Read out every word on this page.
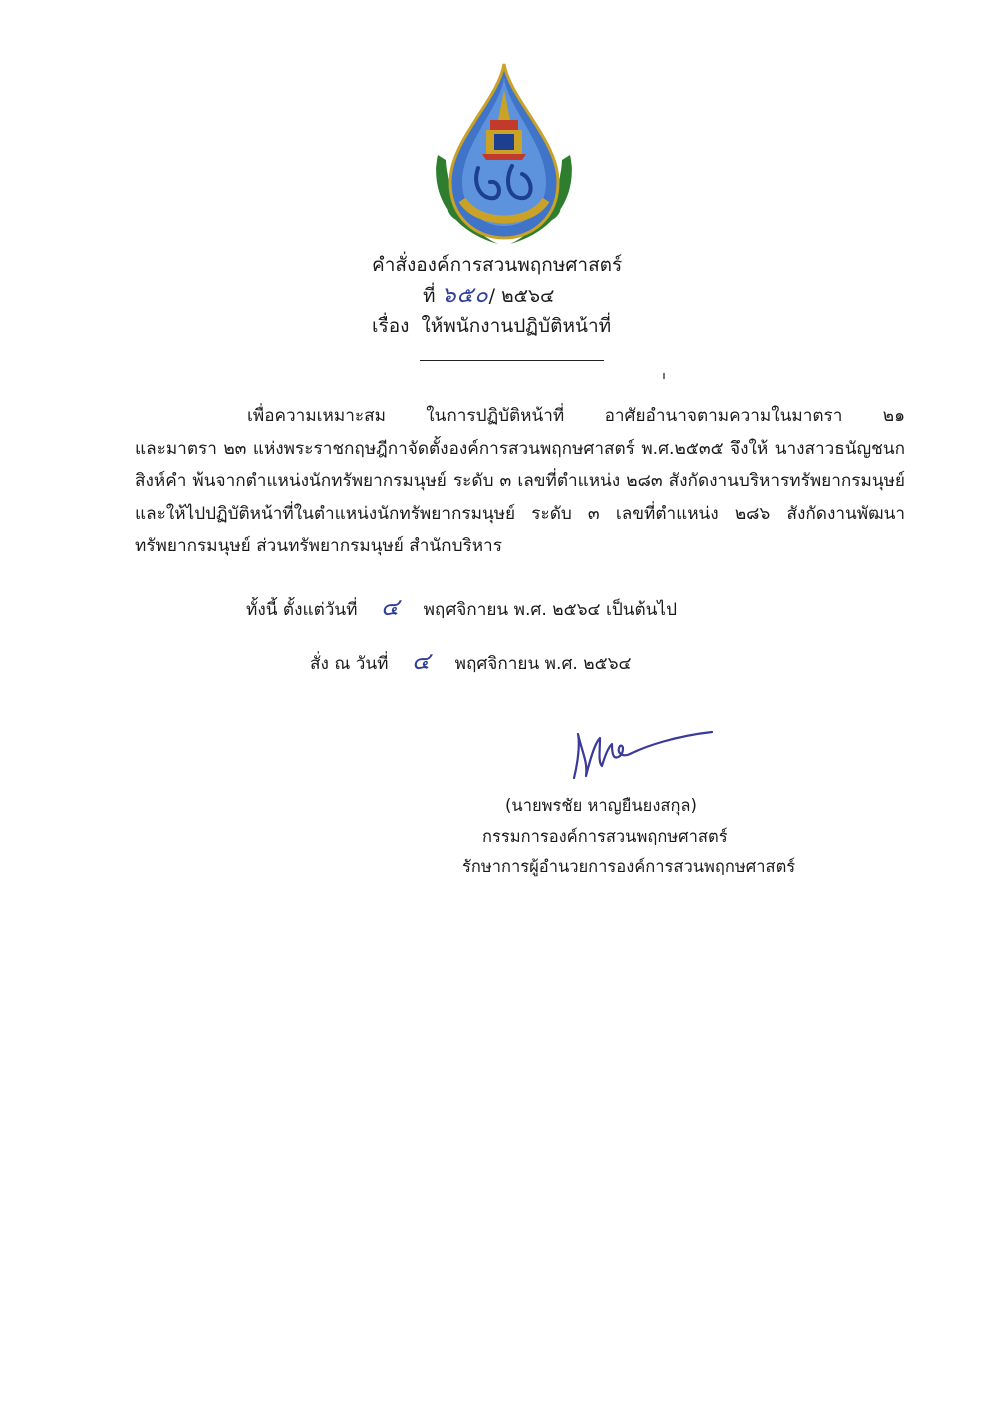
คำสั่งองค์การสวนพฤกษศาสตร์
ที่ ๖๕๐/ ๒๕๖๔
เรื่อง ให้พนักงานปฏิบัติหน้าที่
เพื่อความเหมาะสม ในการปฏิบัติหน้าที่ อาศัยอำนาจตามความในมาตรา ๒๑
และมาตรา ๒๓ แห่งพระราชกฤษฎีกาจัดตั้งองค์การสวนพฤกษศาสตร์ พ.ศ.๒๕๓๕ จึงให้ นางสาวธนัญชนก
สิงห์คำ พ้นจากตำแหน่งนักทรัพยากรมนุษย์ ระดับ ๓ เลขที่ตำแหน่ง ๒๘๓ สังกัดงานบริหารทรัพยากรมนุษย์
และให้ไปปฏิบัติหน้าที่ในตำแหน่งนักทรัพยากรมนุษย์ ระดับ ๓ เลขที่ตำแหน่ง ๒๘๖ สังกัดงานพัฒนา
ทรัพยากรมนุษย์ ส่วนทรัพยากรมนุษย์ สำนักบริหาร
ทั้งนี้ ตั้งแต่วันที่ ๔ พฤศจิกายน พ.ศ. ๒๕๖๔ เป็นต้นไป
สั่ง ณ วันที่ ๔ พฤศจิกายน พ.ศ. ๒๕๖๔
(นายพรชัย หาญยืนยงสกุล)
กรรมการองค์การสวนพฤกษศาสตร์
รักษาการผู้อำนวยการองค์การสวนพฤกษศาสตร์
